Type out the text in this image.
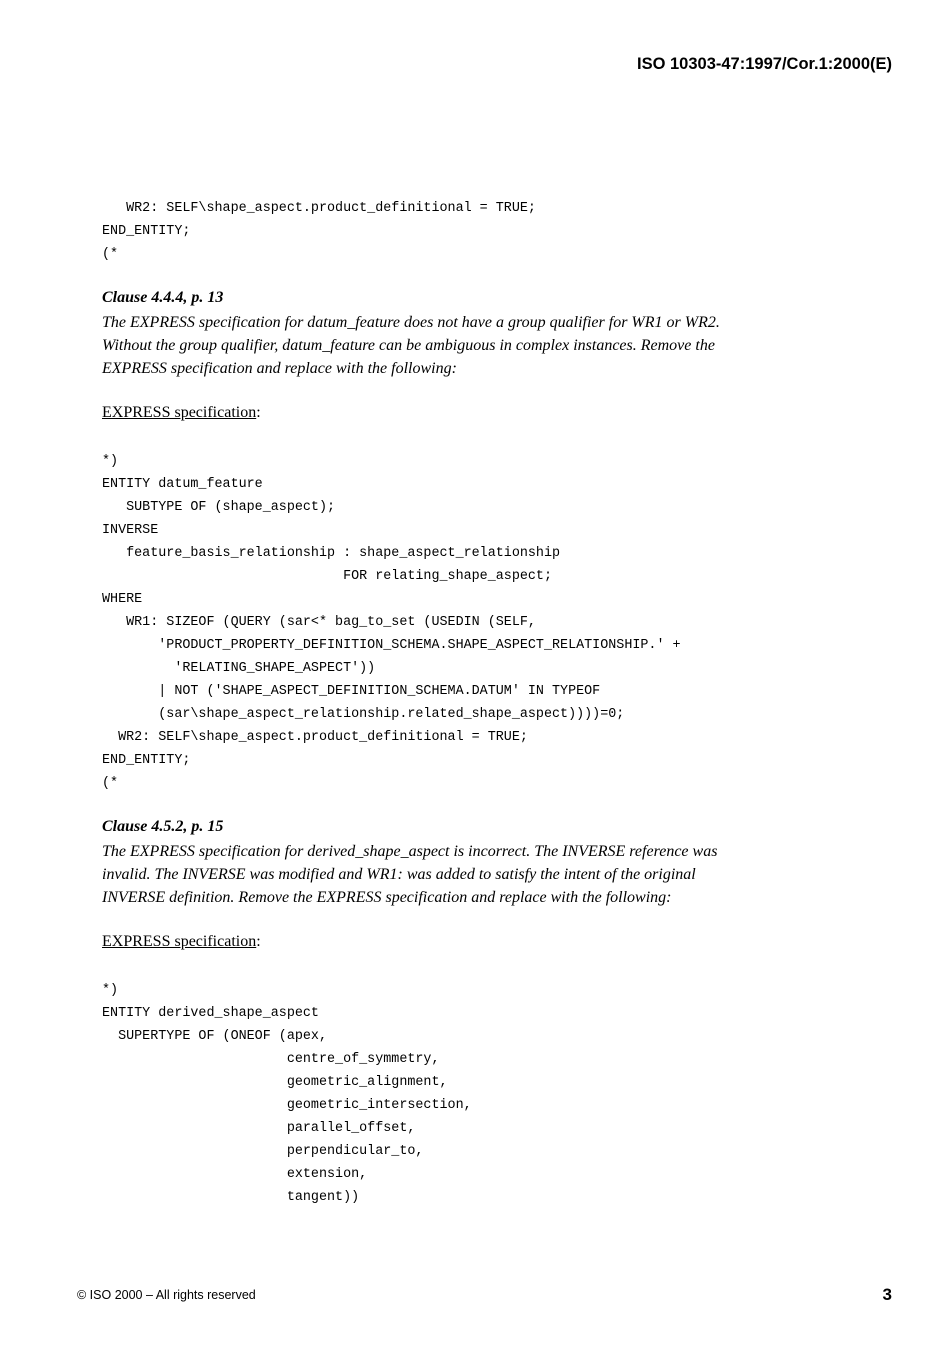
ISO 10303-47:1997/Cor.1:2000(E)
WR2: SELF\shape_aspect.product_definitional = TRUE;
END_ENTITY;
(*
Clause 4.4.4, p. 13
The EXPRESS specification for datum_feature does not have a group qualifier for WR1 or WR2.
Without the group qualifier, datum_feature can be ambiguous in complex instances. Remove the
EXPRESS specification and replace with the following:
EXPRESS specification:
*)
ENTITY datum_feature
SUBTYPE OF (shape_aspect);
INVERSE
feature_basis_relationship : shape_aspect_relationship
FOR relating_shape_aspect;
WHERE
WR1: SIZEOF (QUERY (sar<* bag_to_set (USEDIN (SELF,
'PRODUCT_PROPERTY_DEFINITION_SCHEMA.SHAPE_ASPECT_RELATIONSHIP.' +
'RELATING_SHAPE_ASPECT'))
| NOT ('SHAPE_ASPECT_DEFINITION_SCHEMA.DATUM' IN TYPEOF
(sar\shape_aspect_relationship.related_shape_aspect))))=0;
WR2: SELF\shape_aspect.product_definitional = TRUE;
END_ENTITY;
(*
Clause 4.5.2, p. 15
The EXPRESS specification for derived_shape_aspect is incorrect. The INVERSE reference was
invalid. The INVERSE was modified and WR1: was added to satisfy the intent of the original
INVERSE definition. Remove the EXPRESS specification and replace with the following:
EXPRESS specification:
*)
ENTITY derived_shape_aspect
SUPERTYPE OF (ONEOF (apex,
centre_of_symmetry,
geometric_alignment,
geometric_intersection,
parallel_offset,
perpendicular_to,
extension,
tangent))
© ISO 2000 – All rights reserved	3
